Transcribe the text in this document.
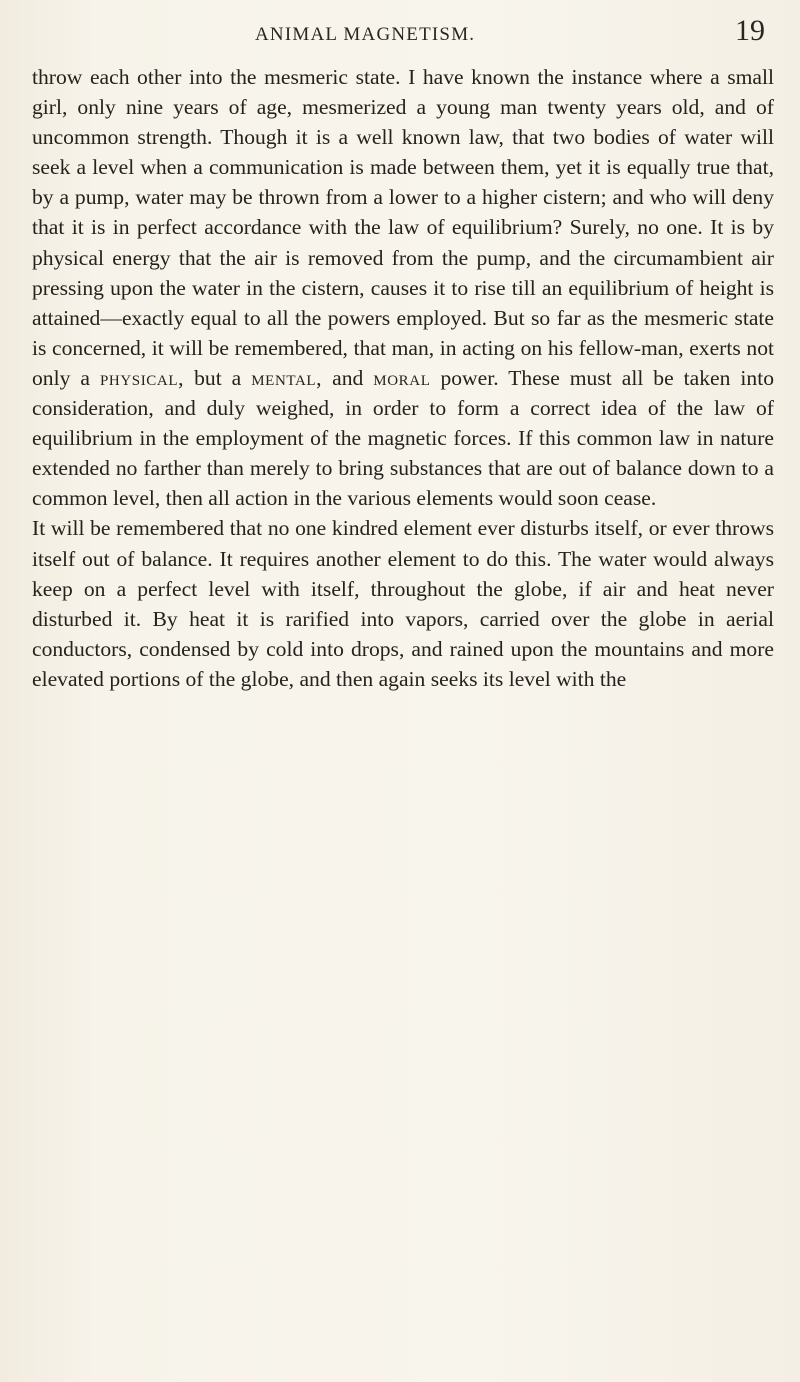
ANIMAL MAGNETISM.	19

throw each other into the mesmeric state. I have known the instance where a small girl, only nine years of age, mesmerized a young man twenty years old, and of uncommon strength. Though it is a well known law, that two bodies of water will seek a level when a communication is made between them, yet it is equally true that, by a pump, water may be thrown from a lower to a higher cistern; and who will deny that it is in perfect accordance with the law of equilibrium? Surely, no one. It is by physical energy that the air is removed from the pump, and the circumambient air pressing upon the water in the cistern, causes it to rise till an equilibrium of height is attained—exactly equal to all the powers employed. But so far as the mesmeric state is concerned, it will be remembered, that man, in acting on his fellow-man, exerts not only a physical, but a mental, and moral power. These must all be taken into consideration, and duly weighed, in order to form a correct idea of the law of equilibrium in the employment of the magnetic forces. If this common law in nature extended no farther than merely to bring substances that are out of balance down to a common level, then all action in the various elements would soon cease.

It will be remembered that no one kindred element ever disturbs itself, or ever throws itself out of balance. It requires another element to do this. The water would always keep on a perfect level with itself, throughout the globe, if air and heat never disturbed it. By heat it is rarified into vapors, carried over the globe in aerial conductors, condensed by cold into drops, and rained upon the mountains and more elevated portions of the globe, and then again seeks its level with the
